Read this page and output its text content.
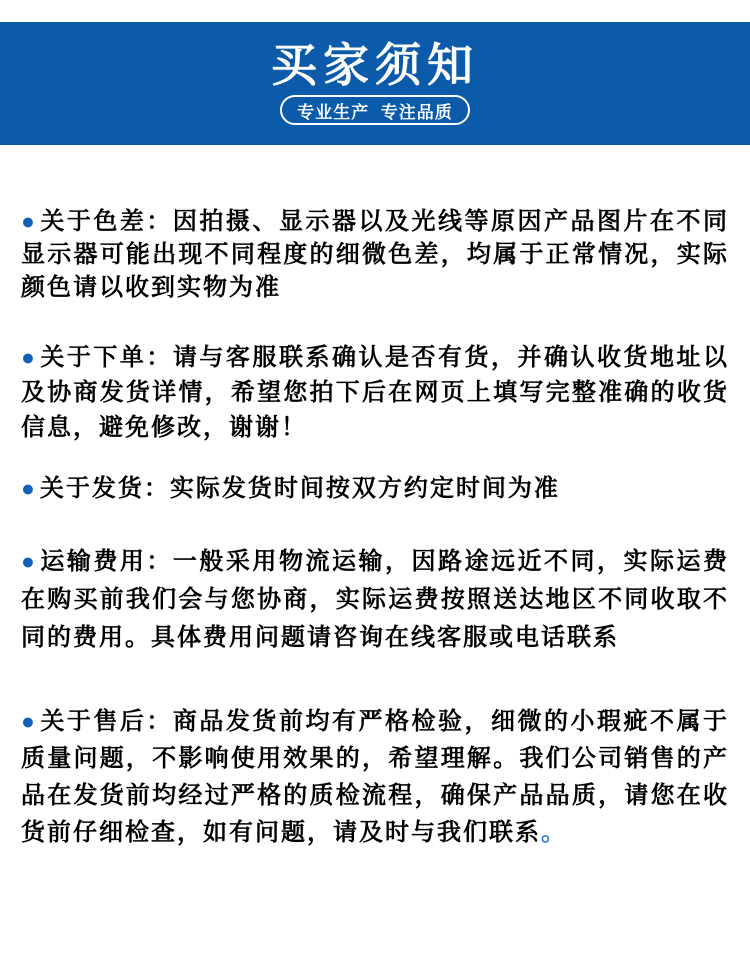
买家须知
专业生产  专注品质

● 关于色差：因拍摄、显示器以及光线等原因产品图片在不同显示器可能出现不同程度的细微色差，均属于正常情况，实际颜色请以收到实物为准

● 关于下单：请与客服联系确认是否有货，并确认收货地址以及协商发货详情，希望您拍下后在网页上填写完整准确的收货信息，避免修改，谢谢！

● 关于发货：实际发货时间按双方约定时间为准

● 运输费用：一般采用物流运输，因路途远近不同，实际运费在购买前我们会与您协商，实际运费按照送达地区不同收取不同的费用。具体费用问题请咨询在线客服或电话联系

● 关于售后：商品发货前均有严格检验，细微的小瑕疵不属于质量问题，不影响使用效果的，希望理解。我们公司销售的产品在发货前均经过严格的质检流程，确保产品品质，请您在收货前仔细检查，如有问题，请及时与我们联系。
